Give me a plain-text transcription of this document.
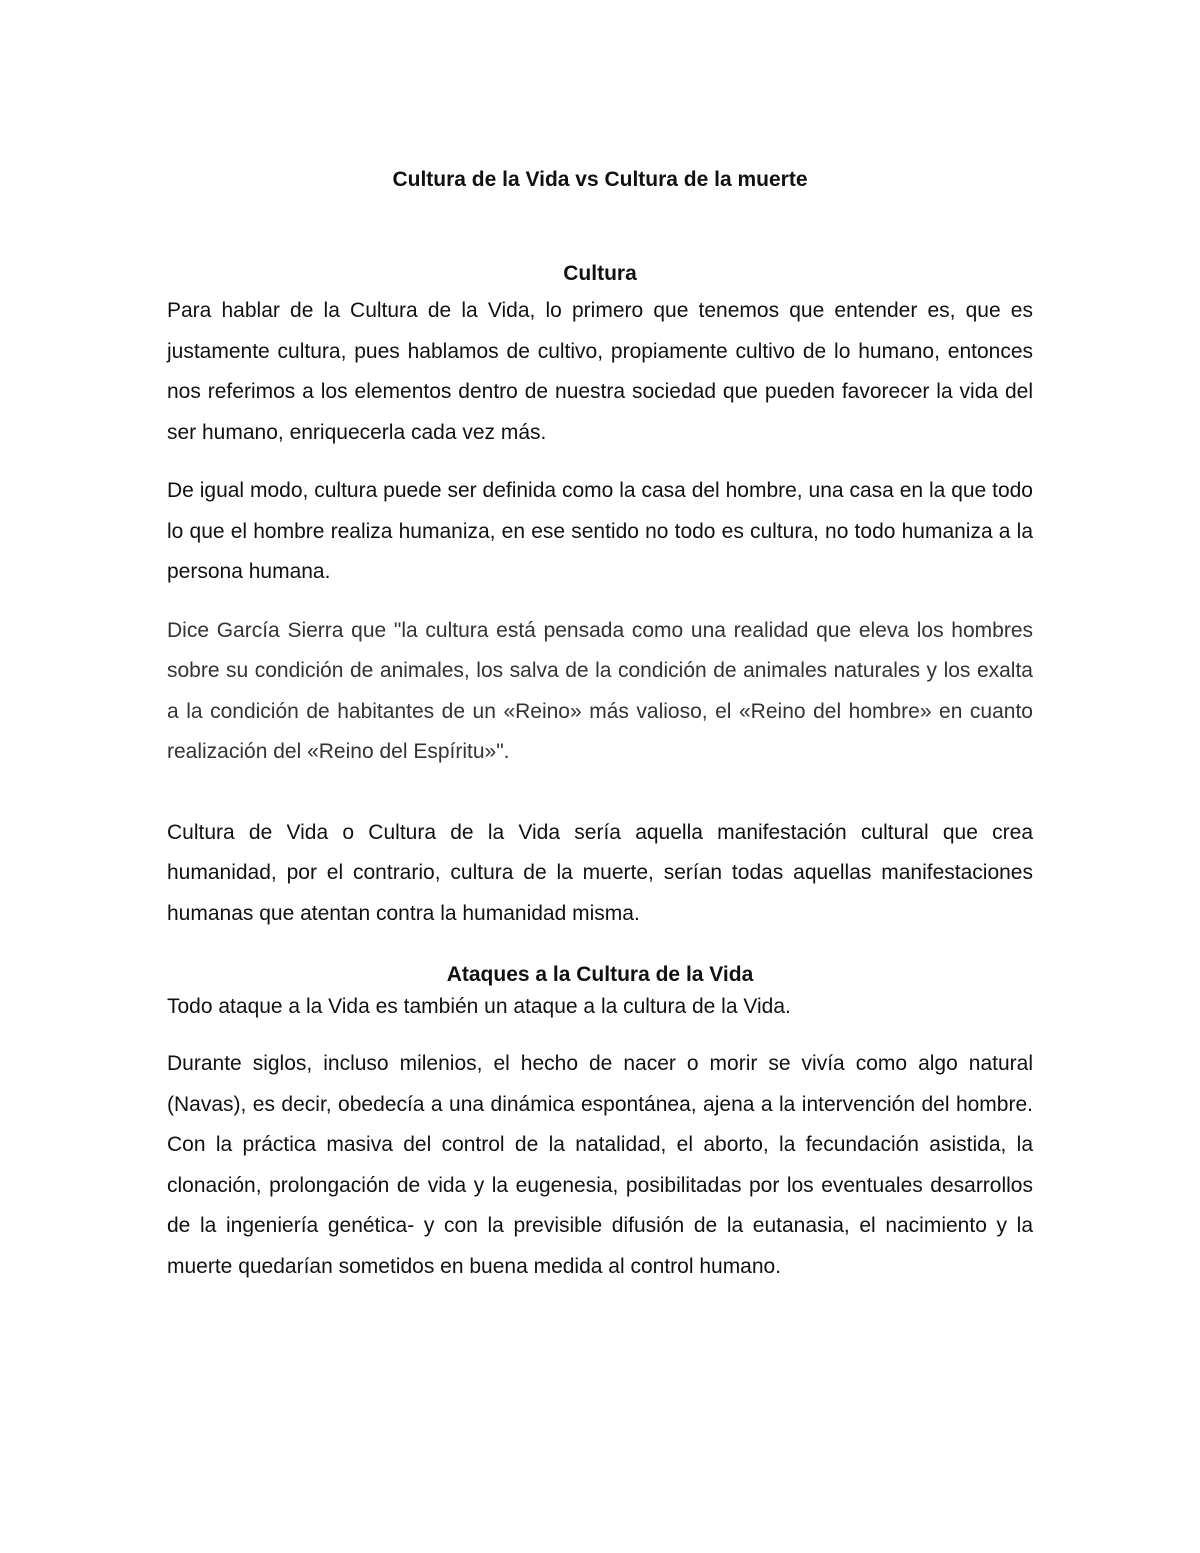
Cultura de la Vida vs Cultura de la muerte
Cultura

Para hablar de la Cultura de la Vida, lo primero que tenemos que entender es, que es justamente cultura, pues hablamos de cultivo, propiamente cultivo de lo humano, entonces nos referimos a los elementos dentro de nuestra sociedad que pueden favorecer la vida del ser humano, enriquecerla cada vez más.

De igual modo, cultura puede ser definida como la casa del hombre, una casa en la que todo lo que el hombre realiza humaniza, en ese sentido no todo es cultura, no todo humaniza a la persona humana.

Dice García Sierra que "la cultura está pensada como una realidad que eleva los hombres sobre su condición de animales, los salva de la condición de animales naturales y los exalta a la condición de habitantes de un «Reino» más valioso, el «Reino del hombre» en cuanto realización del «Reino del Espíritu»".

Cultura de Vida o Cultura de la Vida sería aquella manifestación cultural que crea humanidad, por el contrario, cultura de la muerte, serían todas aquellas manifestaciones humanas que atentan contra la humanidad misma.

Ataques a la Cultura de la Vida

Todo ataque a la Vida es también un ataque a la cultura de la Vida.

Durante siglos, incluso milenios, el hecho de nacer o morir se vivía como algo natural (Navas), es decir, obedecía a una dinámica espontánea, ajena a la intervención del hombre. Con la práctica masiva del control de la natalidad, el aborto, la fecundación asistida, la clonación, prolongación de vida y la eugenesia, posibilitadas por los eventuales desarrollos de la ingeniería genética- y con la previsible difusión de la eutanasia, el nacimiento y la muerte quedarían sometidos en buena medida al control humano.
